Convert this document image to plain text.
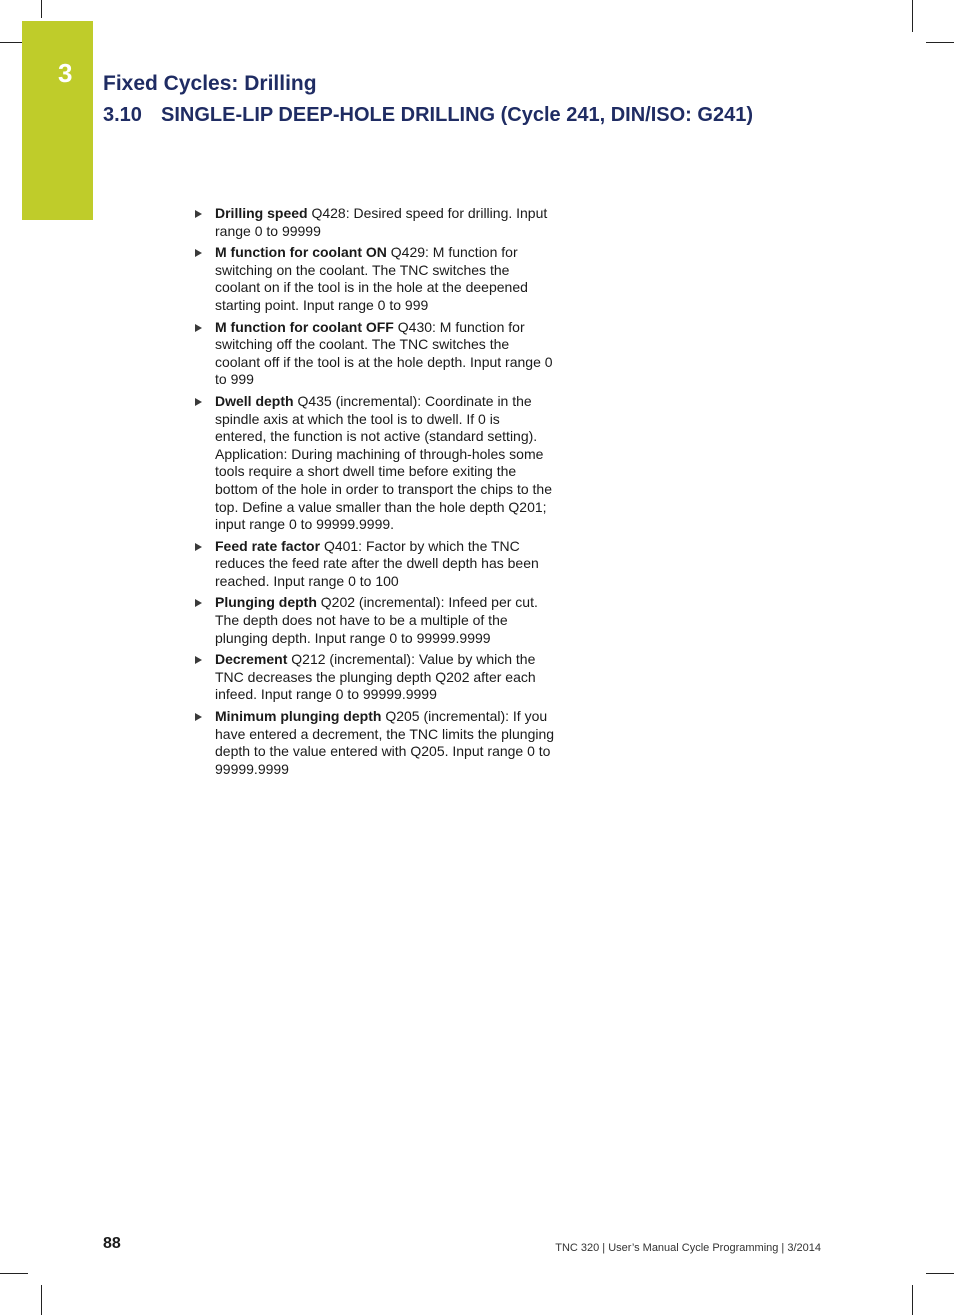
3 Fixed Cycles: Drilling
3.10 SINGLE-LIP DEEP-HOLE DRILLING (Cycle 241, DIN/ISO: G241)
Drilling speed Q428: Desired speed for drilling. Input range 0 to 99999
M function for coolant ON Q429: M function for switching on the coolant. The TNC switches the coolant on if the tool is in the hole at the deepened starting point. Input range 0 to 999
M function for coolant OFF Q430: M function for switching off the coolant. The TNC switches the coolant off if the tool is at the hole depth. Input range 0 to 999
Dwell depth Q435 (incremental): Coordinate in the spindle axis at which the tool is to dwell. If 0 is entered, the function is not active (standard setting). Application: During machining of through-holes some tools require a short dwell time before exiting the bottom of the hole in order to transport the chips to the top. Define a value smaller than the hole depth Q201; input range 0 to 99999.9999.
Feed rate factor Q401: Factor by which the TNC reduces the feed rate after the dwell depth has been reached. Input range 0 to 100
Plunging depth Q202 (incremental): Infeed per cut. The depth does not have to be a multiple of the plunging depth. Input range 0 to 99999.9999
Decrement Q212 (incremental): Value by which the TNC decreases the plunging depth Q202 after each infeed. Input range 0 to 99999.9999
Minimum plunging depth Q205 (incremental): If you have entered a decrement, the TNC limits the plunging depth to the value entered with Q205. Input range 0 to 99999.9999
88	TNC 320 | User’s Manual Cycle Programming | 3/2014
